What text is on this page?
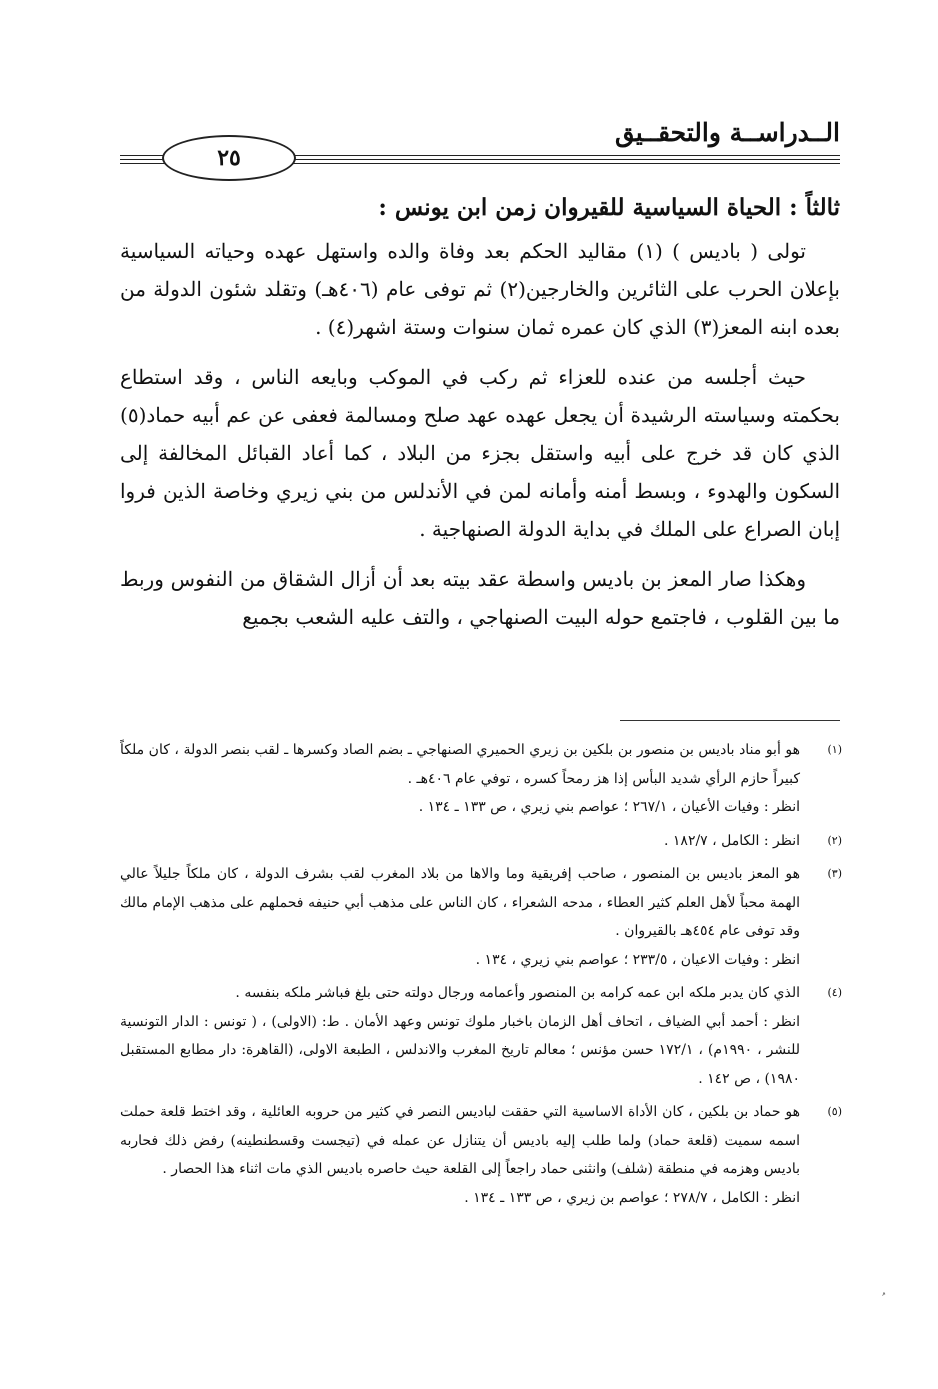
الــدراســة والتحقــيق
٢٥
ثالثاً : الحياة السياسية للقيروان زمن ابن يونس :

تولى ( باديس ) (١) مقاليد الحكم بعد وفاة والده واستهل عهده وحياته السياسية بإعلان الحرب على الثائرين والخارجين(٢) ثم توفى عام (٤٠٦هـ) وتقلد شئون الدولة من بعده ابنه المعز(٣) الذي كان عمره ثمان سنوات وستة اشهر(٤) .

حيث أجلسه من عنده للعزاء ثم ركب في الموكب وبايعه الناس ، وقد استطاع بحكمته وسياسته الرشيدة أن يجعل عهده عهد صلح ومسالمة فعفى عن عم أبيه حماد(٥) الذي كان قد خرج على أبيه واستقل بجزء من البلاد ، كما أعاد القبائل المخالفة إلى السكون والهدوء ، وبسط أمنه وأمانه لمن في الأندلس من بني زيري وخاصة الذين فروا إبان الصراع على الملك في بداية الدولة الصنهاجية .

وهكذا صار المعز بن باديس واسطة عقد بيته بعد أن أزال الشقاق من النفوس وربط ما بين القلوب ، فاجتمع حوله البيت الصنهاجي ، والتف عليه الشعب بجميع

(١)
هو أبو مناد باديس بن منصور بن بلكين بن زيري الحميري الصنهاجي ـ بضم الصاد وكسرها ـ لقب بنصر الدولة ، كان ملكاً كبيراً حازم الرأي شديد البأس إذا هز رمحاً كسره ، توفي عام ٤٠٦هـ .
انظر : وفيات الأعيان ، ٢٦٧/١ ؛ عواصم بني زيري ، ص ١٣٣ ـ ١٣٤ .
(٢)
انظر : الكامل ، ١٨٢/٧ .
(٣)
هو المعز باديس بن المنصور ، صاحب إفريقية وما والاها من بلاد المغرب لقب بشرف الدولة ، كان ملكاً جليلاً عالي الهمة محباً لأهل العلم كثير العطاء ، مدحه الشعراء ، كان الناس على مذهب أبي حنيفه فحملهم على مذهب الإمام مالك وقد توفى عام ٤٥٤هـ بالقيروان .
انظر : وفيات الاعيان ، ٢٣٣/٥ ؛ عواصم بني زيري ، ١٣٤ .
(٤)
الذي كان يدبر ملكه ابن عمه كرامه بن المنصور وأعمامه ورجال دولته حتى بلغ فباشر ملكه بنفسه .
انظر : أحمد أبي الضياف ، اتحاف أهل الزمان باخبار ملوك تونس وعهد الأمان . ط: (الاولى) ، ( تونس : الدار التونسية للنشر ، ١٩٩٠م) ، ١٧٢/١ حسن مؤنس ؛ معالم تاريخ المغرب والاندلس ، الطبعة الاولى، (القاهرة: دار مطابع المستقبل ١٩٨٠) ، ص ١٤٢ .
(٥)
هو حماد بن بلكين ، كان الأداة الاساسية التي حققت لباديس النصر في كثير من حروبه العائلية ، وقد اختط قلعة حملت اسمه سميت (قلعة حماد) ولما طلب إليه باديس أن يتنازل عن عمله في (تيجست وقسطنطينه) رفض ذلك فحاربه باديس وهزمه في منطقة (شلف) وانثنى حماد راجعاً إلى القلعة حيث حاصره باديس الذي مات اثناء هذا الحصار .
انظر : الكامل ، ٢٧٨/٧ ؛ عواصم بن زيري ، ص ١٣٣ ـ ١٣٤ .
ﹸ
